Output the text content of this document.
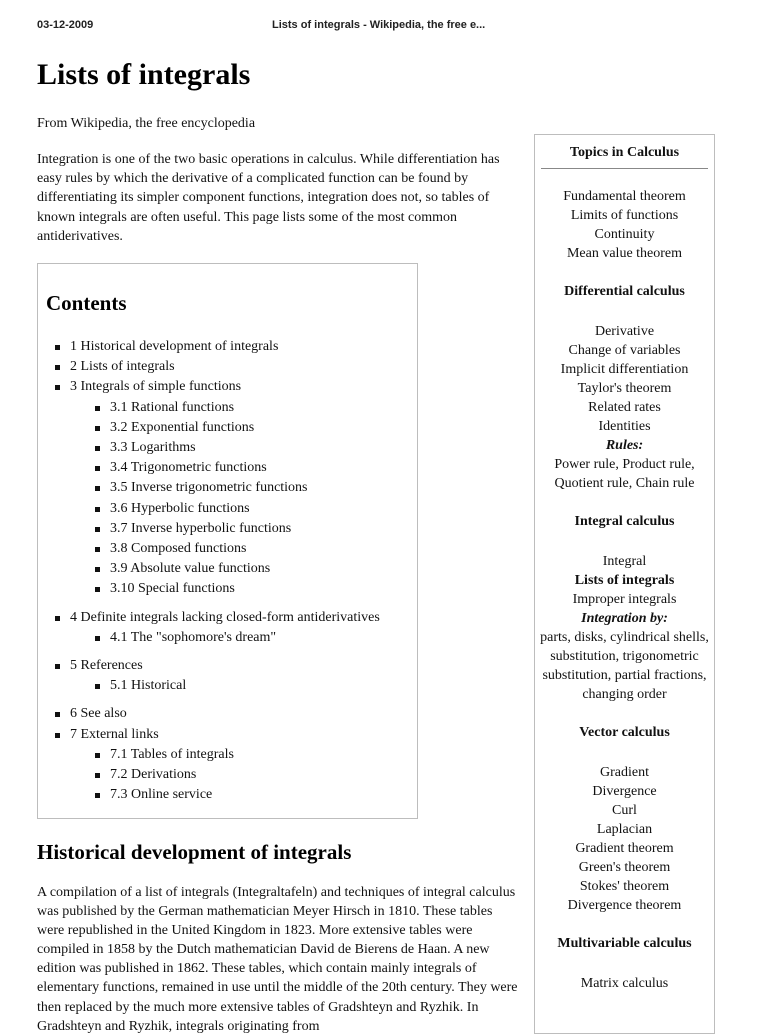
03-12-2009	Lists of integrals - Wikipedia, the free e...
Lists of integrals
From Wikipedia, the free encyclopedia

Integration is one of the two basic operations in calculus. While differentiation has easy rules by which the derivative of a complicated function can be found by differentiating its simpler component functions, integration does not, so tables of known integrals are often useful. This page lists some of the most common antiderivatives.

Contents
1 Historical development of integrals
2 Lists of integrals
3 Integrals of simple functions
3.1 Rational functions
3.2 Exponential functions
3.3 Logarithms
3.4 Trigonometric functions
3.5 Inverse trigonometric functions
3.6 Hyperbolic functions
3.7 Inverse hyperbolic functions
3.8 Composed functions
3.9 Absolute value functions
3.10 Special functions
4 Definite integrals lacking closed-form antiderivatives
4.1 The "sophomore's dream"
5 References
5.1 Historical
6 See also
7 External links
7.1 Tables of integrals
7.2 Derivations
7.3 Online service
Historical development of integrals

A compilation of a list of integrals (Integraltafeln) and techniques of integral calculus was published by the German mathematician Meyer Hirsch in 1810. These tables were republished in the United Kingdom in 1823. More extensive tables were compiled in 1858 by the Dutch mathematician David de Bierens de Haan. A new edition was published in 1862. These tables, which contain mainly integrals of elementary functions, remained in use until the middle of the 20th century. They were then replaced by the much more extensive tables of Gradshteyn and Ryzhik. In Gradshteyn and Ryzhik, integrals originating from

Topics in Calculus
Fundamental theorem
Limits of functions
Continuity
Mean value theorem
Differential calculus
Derivative
Change of variables
Implicit differentiation
Taylor's theorem
Related rates
Identities
Rules:
Power rule, Product rule, Quotient rule, Chain rule
Integral calculus
Integral
Lists of integrals
Improper integrals
Integration by:
parts, disks, cylindrical shells, substitution, trigonometric substitution, partial fractions, changing order
Vector calculus
Gradient
Divergence
Curl
Laplacian
Gradient theorem
Green's theorem
Stokes' theorem
Divergence theorem
Multivariable calculus
Matrix calculus
